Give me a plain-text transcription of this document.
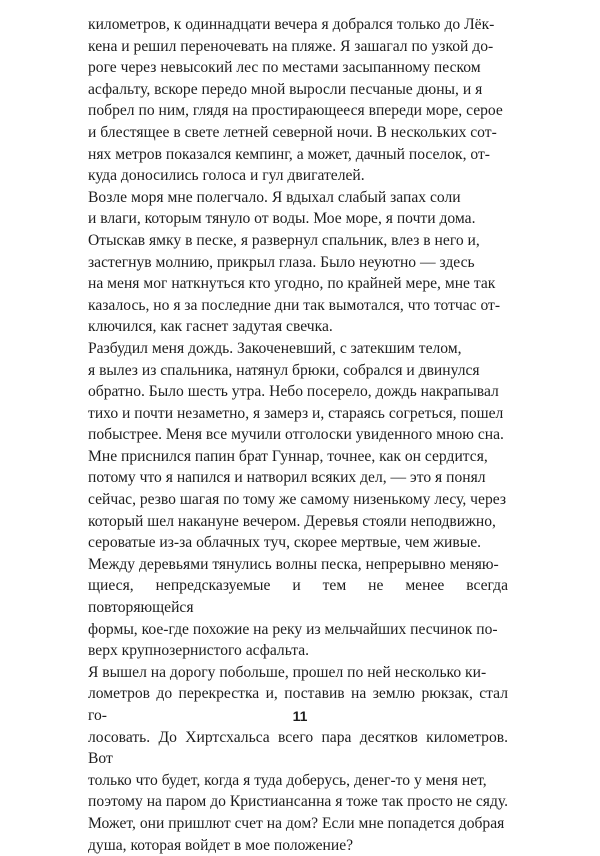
километров, к одиннадцати вечера я добрался только до Лёк-
кена и решил переночевать на пляже. Я зашагал по узкой до-
роге через невысокий лес по местами засыпанному песком
асфальту, вскоре передо мной выросли песчаные дюны, и я
побрел по ним, глядя на простирающееся впереди море, серое
и блестящее в свете летней северной ночи. В нескольких сот-
нях метров показался кемпинг, а может, дачный поселок, от-
куда доносились голоса и гул двигателей.

Возле моря мне полегчало. Я вдыхал слабый запах соли
и влаги, которым тянуло от воды. Мое море, я почти дома.

Отыскав ямку в песке, я развернул спальник, влез в него и,
застегнув молнию, прикрыл глаза. Было неуютно — здесь
на меня мог наткнуться кто угодно, по крайней мере, мне так
казалось, но я за последние дни так вымотался, что тотчас от-
ключился, как гаснет задутая свечка.

Разбудил меня дождь. Закоченевший, с затекшим телом,
я вылез из спальника, натянул брюки, собрался и двинулся
обратно. Было шесть утра. Небо посерело, дождь накрапывал
тихо и почти незаметно, я замерз и, стараясь согреться, пошел
побыстрее. Меня все мучили отголоски увиденного мною сна.
Мне приснился папин брат Гуннар, точнее, как он сердится,
потому что я напился и натворил всяких дел, — это я понял
сейчас, резво шагая по тому же самому низенькому лесу, через
который шел накануне вечером. Деревья стояли неподвижно,
сероватые из-за облачных туч, скорее мертвые, чем живые.
Между деревьями тянулись волны песка, непрерывно меняю-
щиеся, непредсказуемые и тем не менее всегда повторяющейся
формы, кое-где похожие на реку из мельчайших песчинок по-
верх крупнозернистого асфальта.

Я вышел на дорогу побольше, прошел по ней несколько ки-
лометров до перекрестка и, поставив на землю рюкзак, стал го-
лосовать. До Хиртсхальса всего пара десятков километров. Вот
только что будет, когда я туда доберусь, денег-то у меня нет,
поэтому на паром до Кристиансанна я тоже так просто не сяду.
Может, они пришлют счет на дом? Если мне попадется добрая
душа, которая войдет в мое положение?

11
